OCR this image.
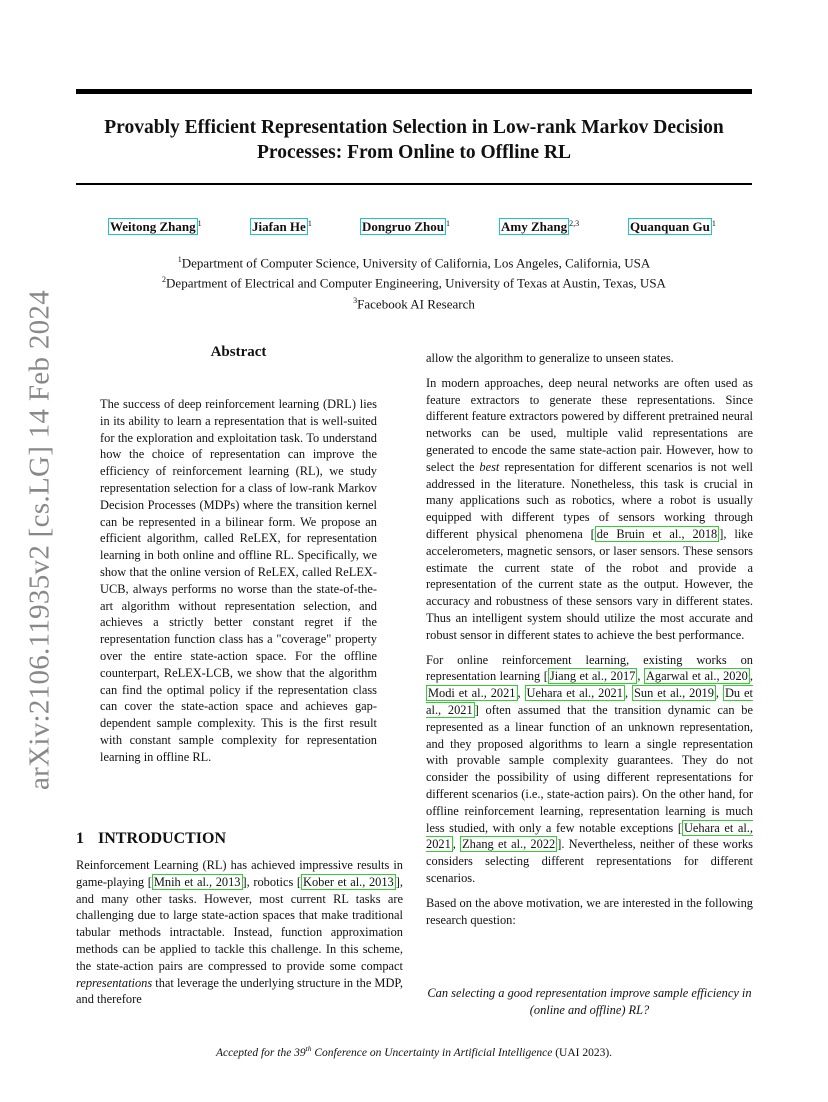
Provably Efficient Representation Selection in Low-rank Markov Decision Processes: From Online to Offline RL
Weitong Zhang $^1$	Jiafan He $^1$	Dongruo Zhou $^1$	Amy Zhang $^{2,3}$	Quanquan Gu $^1$
$^1$Department of Computer Science, University of California, Los Angeles, California, USA
$^2$Department of Electrical and Computer Engineering, University of Texas at Austin, Texas, USA
$^3$Facebook AI Research
arXiv:2106.11935v2 [cs.LG] 14 Feb 2024	Abstract
The success of deep reinforcement learning (DRL) lies in its ability to learn a representation that is well-suited for the exploration and exploitation task. To understand how the choice of representation can improve the efficiency of reinforcement learning (RL), we study representation selection for a class of low-rank Markov Decision Processes (MDPs) where the transition kernel can be represented in a bilinear form. We propose an efficient algorithm, called ReLEX, for representation learning in both online and offline RL. Specifically, we show that the online version of ReLEX, called ReLEX-UCB, always performs no worse than the state-of-the-art algorithm without representation selection, and achieves a strictly better constant regret if the representation function class has a "coverage" property over the entire state-action space. For the offline counterpart, ReLEX-LCB, we show that the algorithm can find the optimal policy if the representation class can cover the state-action space and achieves gap-dependent sample complexity. This is the first result with constant sample complexity for representation learning in offline RL.
1 INTRODUCTION
Reinforcement Learning (RL) has achieved impressive results in game-playing [ Mnih et al., 2013 ], robotics [ Kober et al., 2013 ], and many other tasks. However, most current RL tasks are challenging due to large state-action spaces that make traditional tabular methods intractable. Instead, function approximation methods can be applied to tackle this challenge. In this scheme, the state-action pairs are compressed to provide some compact representations that leverage the underlying structure in the MDP, and therefore

allow the algorithm to generalize to unseen states.

In modern approaches, deep neural networks are often used as feature extractors to generate these representations. Since different feature extractors powered by different pretrained neural networks can be used, multiple valid representations are generated to encode the same state-action pair. However, how to select the best representation for different scenarios is not well addressed in the literature. Nonetheless, this task is crucial in many applications such as robotics, where a robot is usually equipped with different types of sensors working through different physical phenomena [ de Bruin et al., 2018 ], like accelerometers, magnetic sensors, or laser sensors. These sensors estimate the current state of the robot and provide a representation of the current state as the output. However, the accuracy and robustness of these sensors vary in different states. Thus an intelligent system should utilize the most accurate and robust sensor in different states to achieve the best performance.

For online reinforcement learning, existing works on representation learning [ Jiang et al., 2017 , Agarwal et al., 2020 , Modi et al., 2021 , Uehara et al., 2021 , Sun et al., 2019 , Du et al., 2021 ] often assumed that the transition dynamic can be represented as a linear function of an unknown representation, and they proposed algorithms to learn a single representation with provable sample complexity guarantees. They do not consider the possibility of using different representations for different scenarios (i.e., state-action pairs). On the other hand, for offline reinforcement learning, representation learning is much less studied, with only a few notable exceptions [ Uehara et al., 2021 , Zhang et al., 2022 ]. Nevertheless, neither of these works considers selecting different representations for different scenarios.

Based on the above motivation, we are interested in the following research question:

Can selecting a good representation improve sample efficiency in (online and offline) RL?
Accepted for the 39th Conference on Uncertainty in Artificial Intelligence (UAI 2023).
